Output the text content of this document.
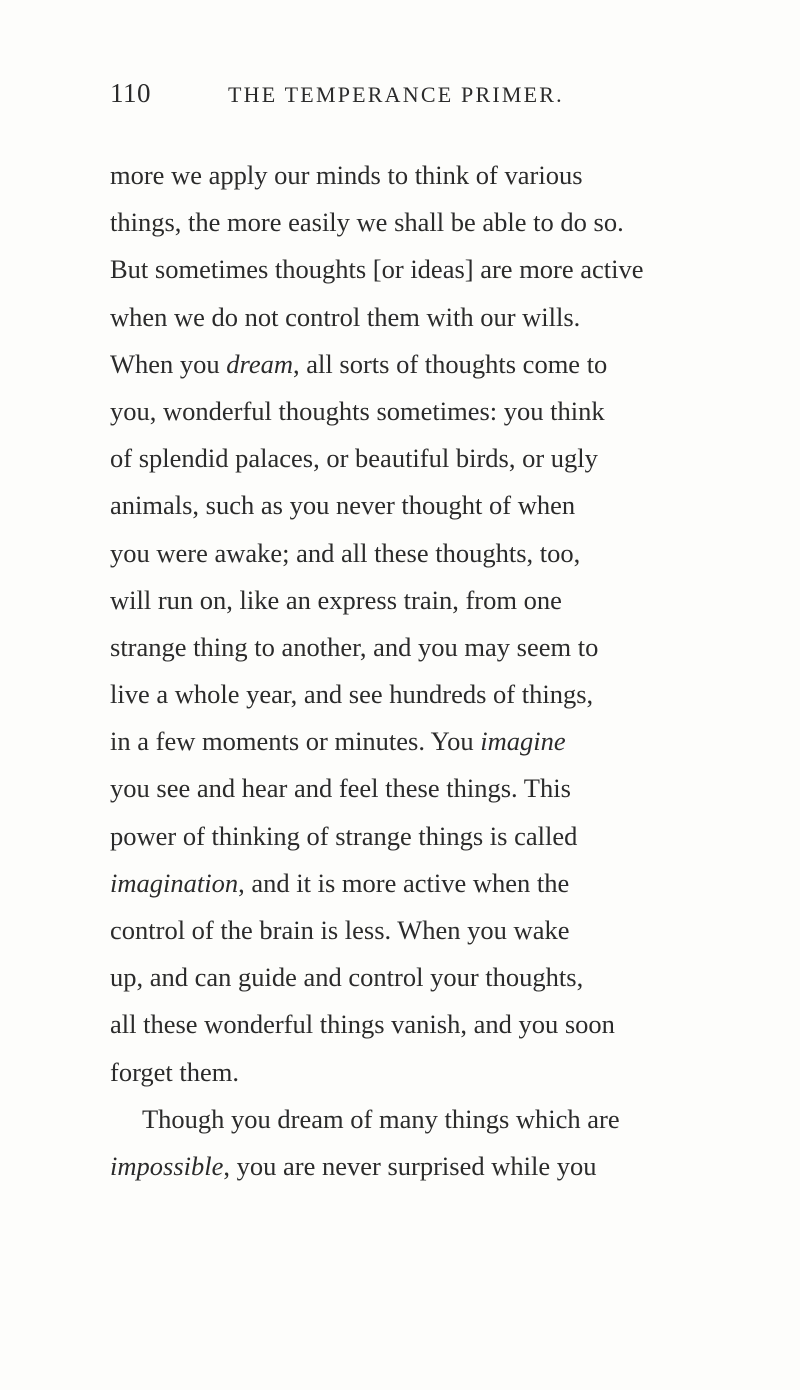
110	THE TEMPERANCE PRIMER.
more we apply our minds to think of various
things, the more easily we shall be able to do so.
But sometimes thoughts [or ideas] are more active
when we do not control them with our wills.
When you dream, all sorts of thoughts come to
you, wonderful thoughts sometimes: you think
of splendid palaces, or beautiful birds, or ugly
animals, such as you never thought of when
you were awake; and all these thoughts, too,
will run on, like an express train, from one
strange thing to another, and you may seem to
live a whole year, and see hundreds of things,
in a few moments or minutes. You imagine
you see and hear and feel these things. This
power of thinking of strange things is called
imagination, and it is more active when the
control of the brain is less. When you wake
up, and can guide and control your thoughts,
all these wonderful things vanish, and you soon
forget them.
Though you dream of many things which are
impossible, you are never surprised while you
